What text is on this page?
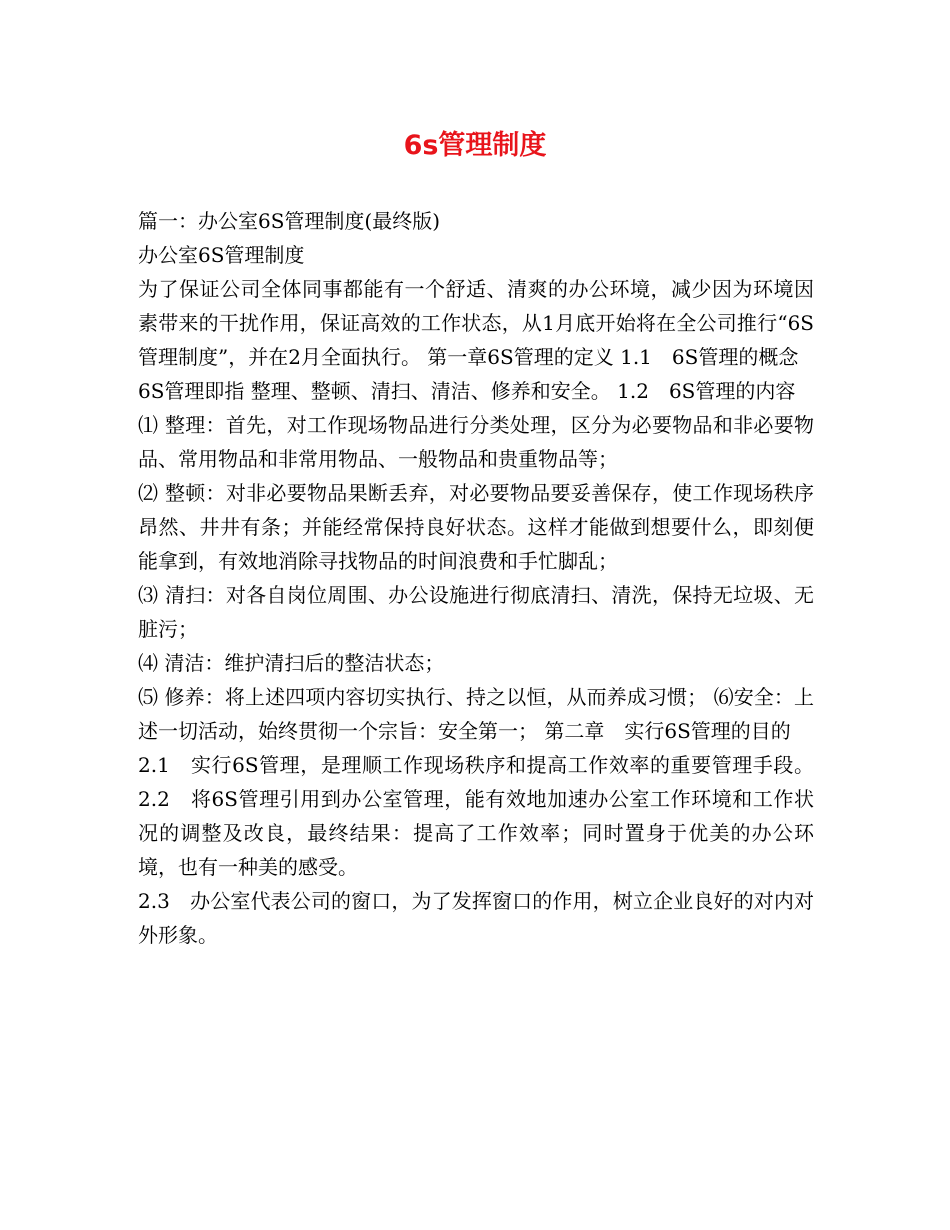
6s管理制度

篇一：办公室6S管理制度(最终版)

办公室6S管理制度

为了保证公司全体同事都能有一个舒适、清爽的办公环境，减少因为环境因素带来的干扰作用，保证高效的工作状态，从1月底开始将在全公司推行“6S管理制度”，并在2月全面执行。 第一章6S管理的定义 1.1　6S管理的概念

6S管理即指 整理、整顿、清扫、清洁、修养和安全。 1.2　6S管理的内容

⑴ 整理：首先，对工作现场物品进行分类处理，区分为必要物品和非必要物品、常用物品和非常用物品、一般物品和贵重物品等；

⑵ 整顿：对非必要物品果断丢弃，对必要物品要妥善保存，使工作现场秩序昂然、井井有条；并能经常保持良好状态。这样才能做到想要什么，即刻便能拿到，有效地消除寻找物品的时间浪费和手忙脚乱；

⑶ 清扫：对各自岗位周围、办公设施进行彻底清扫、清洗，保持无垃圾、无脏污；

⑷ 清洁：维护清扫后的整洁状态；

⑸ 修养：将上述四项内容切实执行、持之以恒，从而养成习惯； ⑹安全：上述一切活动，始终贯彻一个宗旨：安全第一； 第二章　实行6S管理的目的

2.1　实行6S管理，是理顺工作现场秩序和提高工作效率的重要管理手段。 2.2　将6S管理引用到办公室管理，能有效地加速办公室工作环境和工作状况的调整及改良，最终结果：提高了工作效率；同时置身于优美的办公环境，也有一种美的感受。

2.3　办公室代表公司的窗口，为了发挥窗口的作用，树立企业良好的对内对外形象。
